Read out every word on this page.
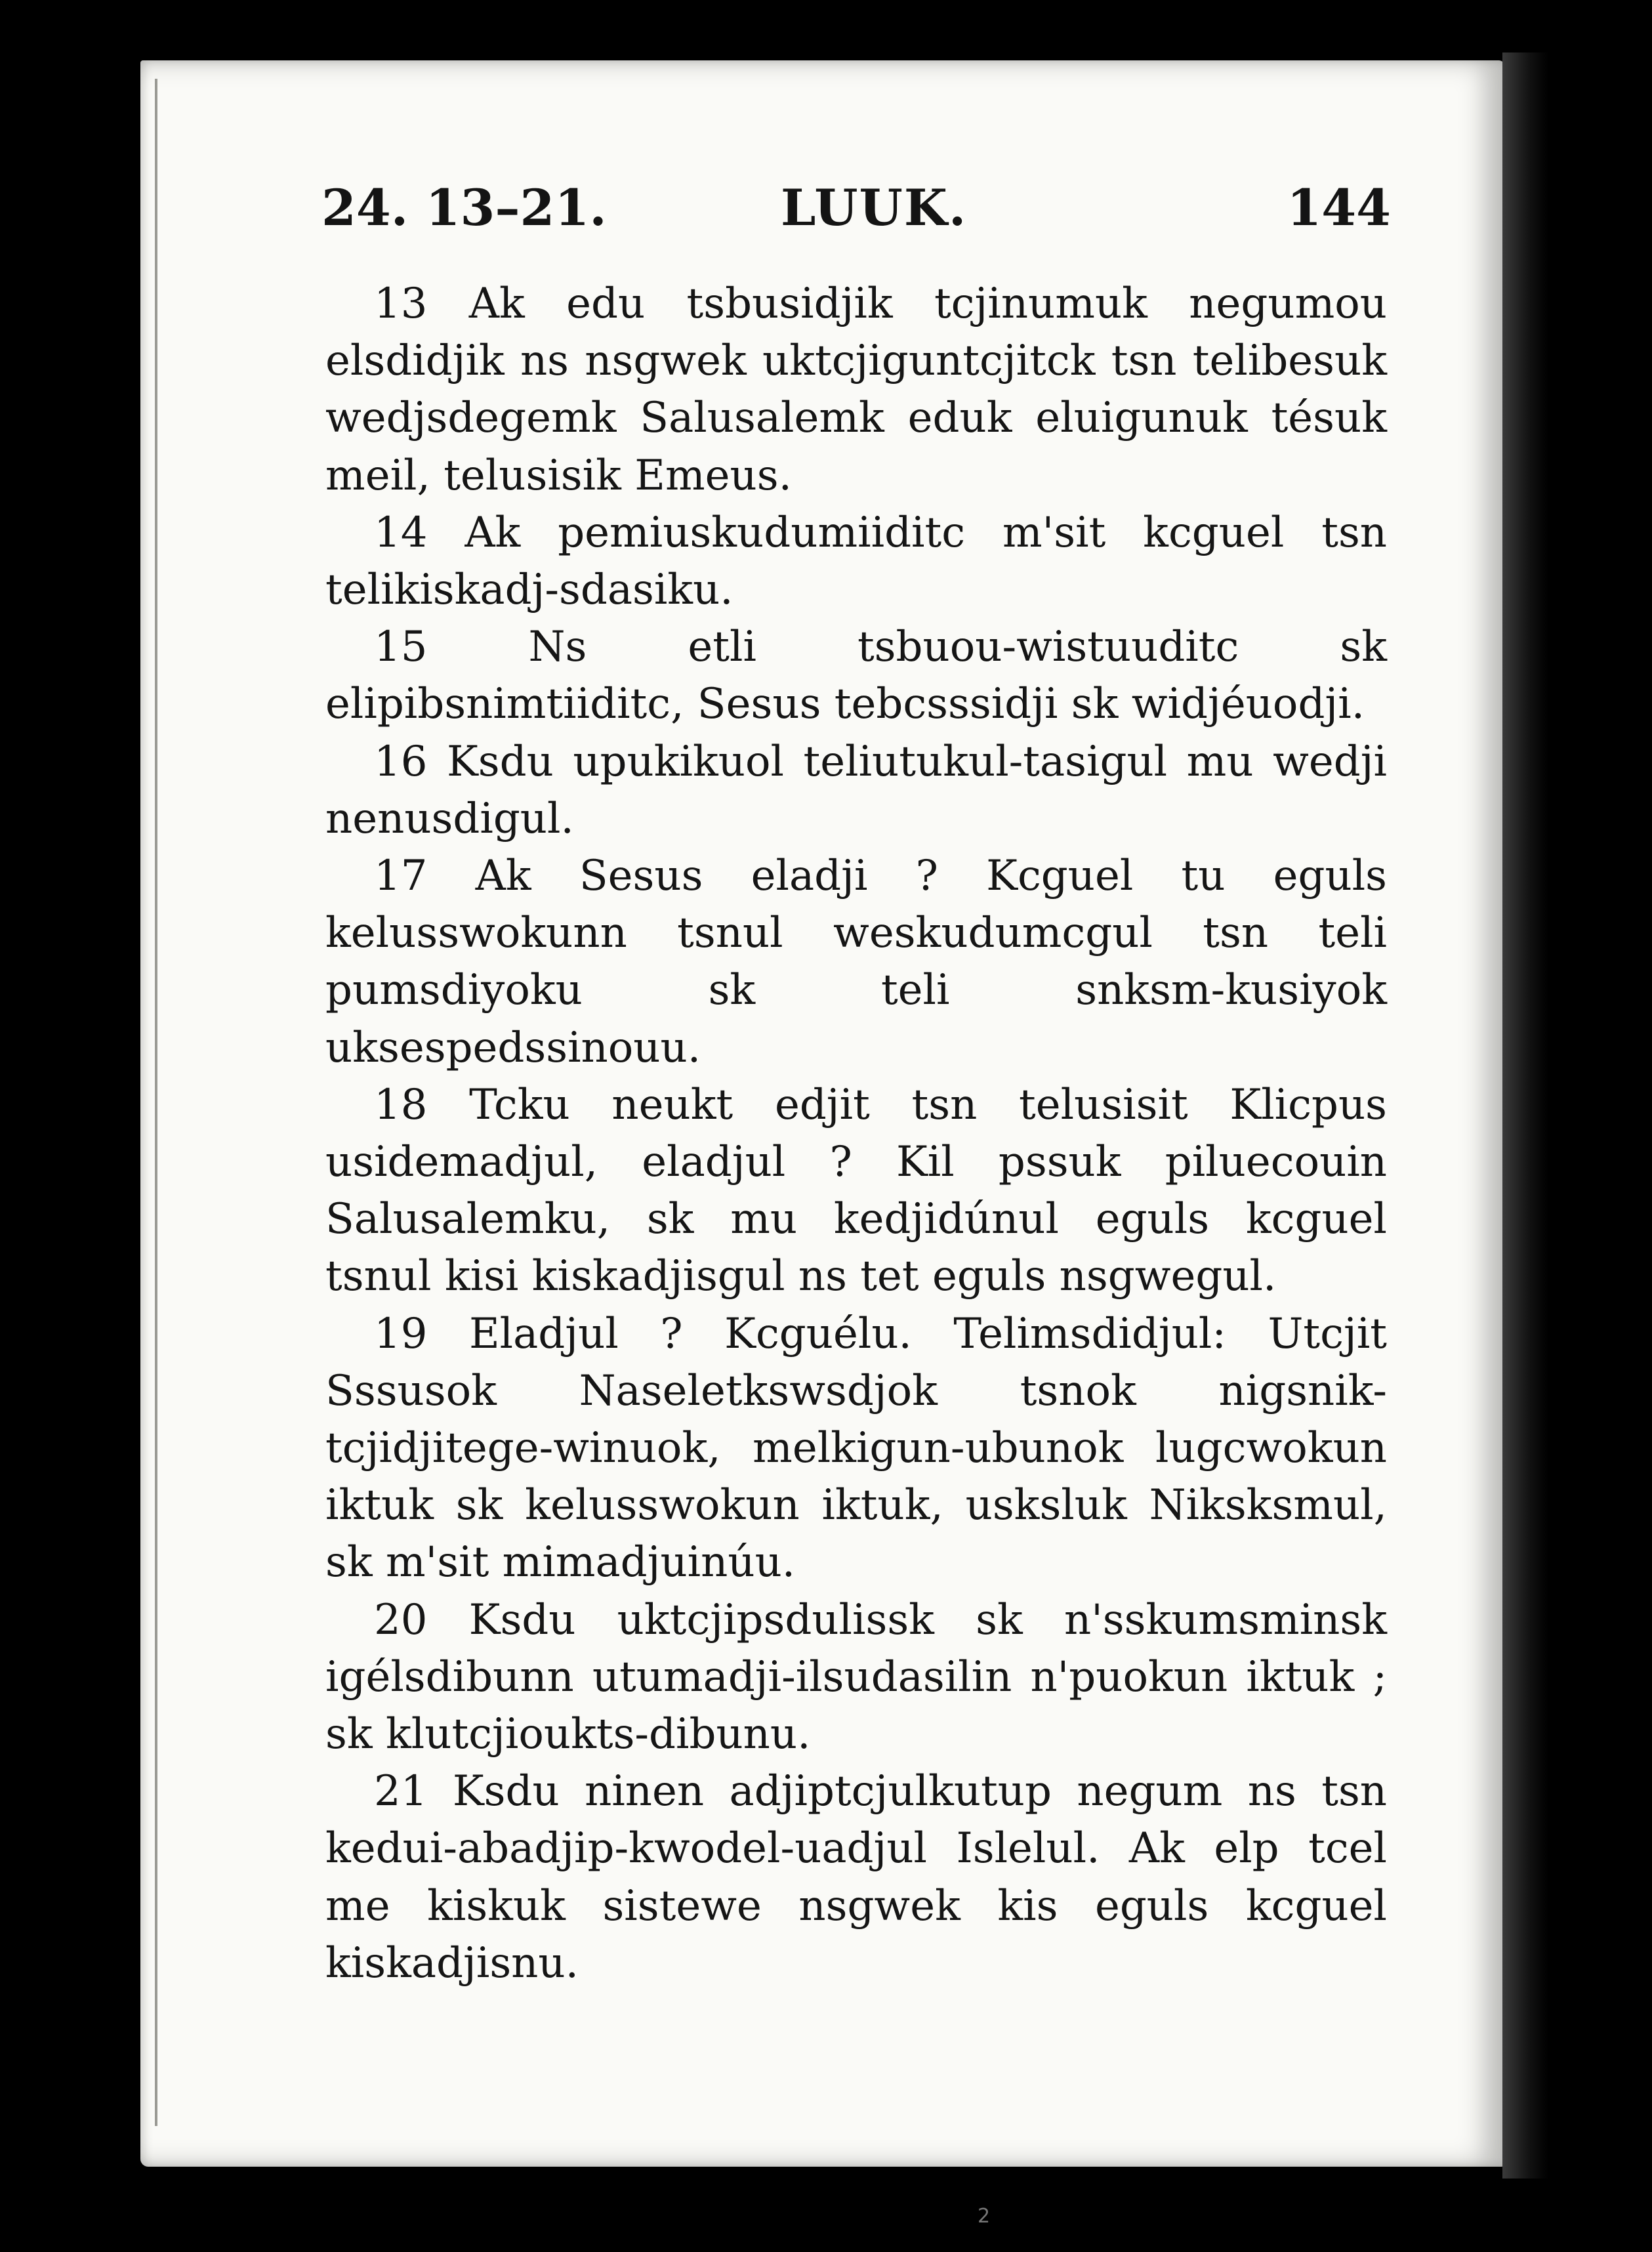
24. 13–21.	LUUK.	144

13 Ak edu tsbusidjik tcjinumuk negumou elsdidjik ns nsgwek uktcjiguntcjitck tsn telibesuk wedjsdegemk Salusalemk eduk eluigunuk tésuk meil, telusisik Emeus.

14 Ak pemiuskudumiiditc m'sit kcguel tsn telikiskadj-sdasiku.

15 Ns etli tsbuou-wistuuditc sk elipibsnimtiiditc, Sesus tebcsssidji sk widjéuodji.

16 Ksdu upukikuol teliutukul-tasigul mu wedji nenusdigul.

17 Ak Sesus eladji ? Kcguel tu eguls kelusswokunn tsnul weskudumcgul tsn teli pumsdiyoku sk teli snksm-kusiyok uksespedssinouu.

18 Tcku neukt edjit tsn telusisit Klicpus usidemadjul, eladjul ? Kil pssuk piluecouin Salusalemku, sk mu kedjidúnul eguls kcguel tsnul kisi kiskadjisgul ns tet eguls nsgwegul.

19 Eladjul ? Kcguélu. Telimsdidjul: Utcjit Sssusok Naseletkswsdjok tsnok nigsnik-tcjidjitege-winuok, melkigun-ubunok lugcwokun iktuk sk kelusswokun iktuk, usksluk Niksksmul, sk m'sit mimadjuinúu.

20 Ksdu uktcjipsdulissk sk n'sskumsminsk igélsdibunn utumadji-ilsudasilin n'puokun iktuk ; sk klutcjioukts-dibunu.

21 Ksdu ninen adjiptcjulkutup negum ns tsn kedui-abadjip-kwodel-uadjul Islelul. Ak elp tcel me kiskuk sistewe nsgwek kis eguls kcguel kiskadjisnu.

2
